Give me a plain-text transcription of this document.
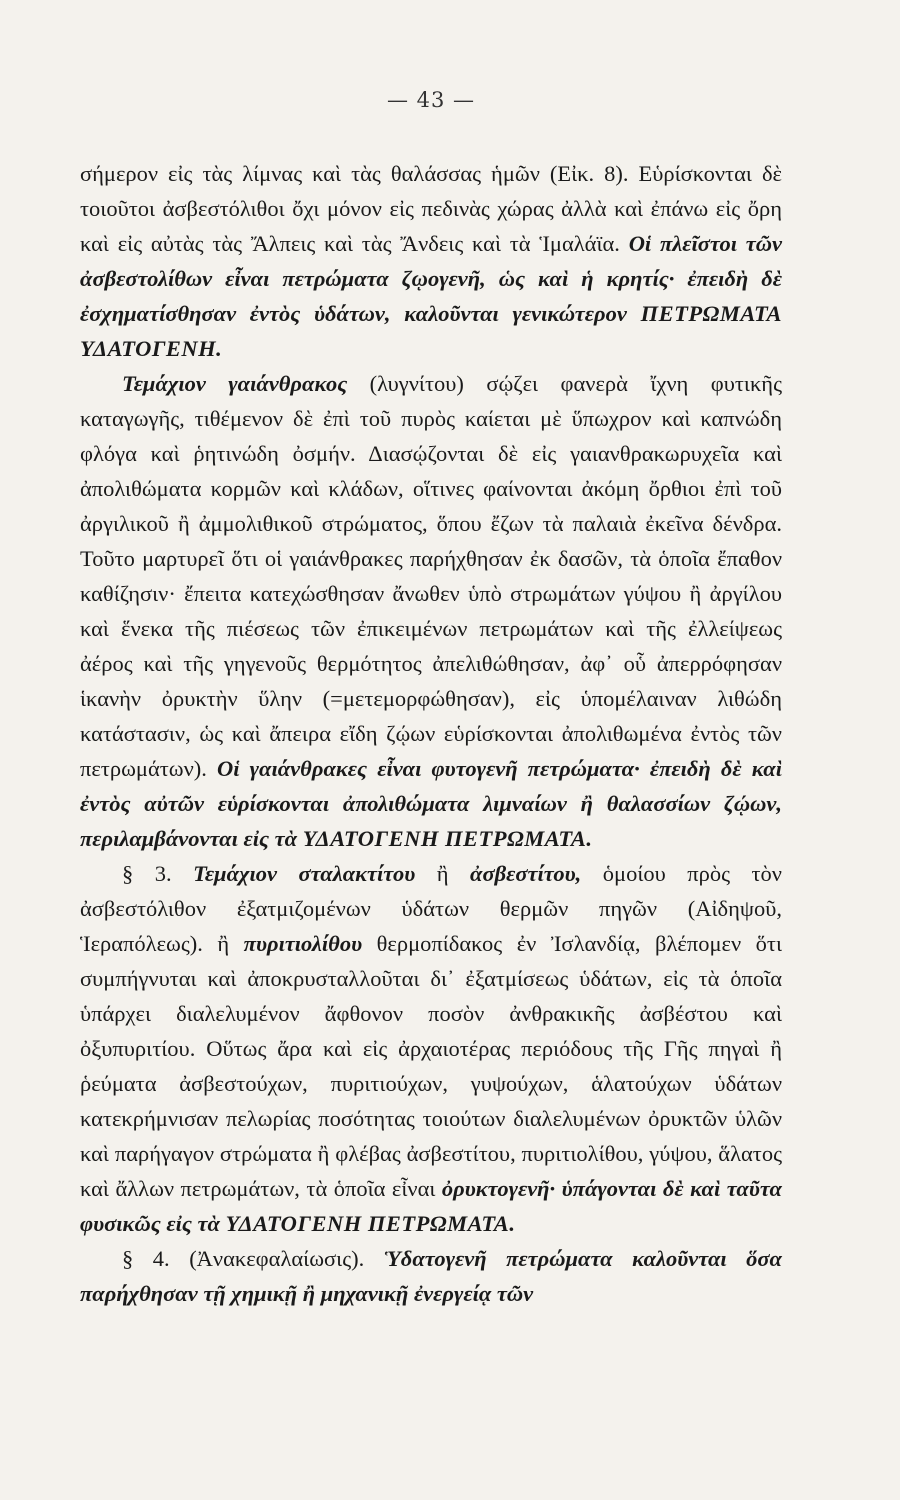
— 43 —

σήμερον εἰς τὰς λίμνας καὶ τὰς θαλάσσας ἡμῶν (Εἰκ. 8). Εὑρίσκονται δὲ τοιοῦτοι ἀσβεστόλιθοι ὄχι μόνον εἰς πεδινὰς χώρας ἀλλὰ καὶ ἐπάνω εἰς ὄρη καὶ εἰς αὐτὰς τὰς Ἄλπεις καὶ τὰς Ἄνδεις καὶ τὰ Ἱμαλάϊα. Οἱ πλεῖστοι τῶν ἀσβεστολίθων εἶναι πετρώματα ζῳογενῆ, ὡς καὶ ἡ κρητίς· ἐπειδὴ δὲ ἐσχηματίσθησαν ἐντὸς ὑδάτων, καλοῦνται γενικώτερον ΠΕΤΡΩΜΑΤΑ ΥΔΑΤΟΓΕΝΗ.

Τεμάχιον γαιάνθρακος (λυγνίτου) σῴζει φανερὰ ἴχνη φυτικῆς καταγωγῆς, τιθέμενον δὲ ἐπὶ τοῦ πυρὸς καίεται μὲ ὕπωχρον καὶ καπνώδη φλόγα καὶ ῥητινώδη ὀσμήν. Διασῴζονται δὲ εἰς γαιανθρακωρυχεῖα καὶ ἀπολιθώματα κορμῶν καὶ κλάδων, οἵτινες φαίνονται ἀκόμη ὄρθιοι ἐπὶ τοῦ ἀργιλικοῦ ἢ ἀμμολιθικοῦ στρώματος, ὅπου ἔζων τὰ παλαιὰ ἐκεῖνα δένδρα. Τοῦτο μαρτυρεῖ ὅτι οἱ γαιάνθρακες παρήχθησαν ἐκ δασῶν, τὰ ὁποῖα ἔπαθον καθίζησιν· ἔπειτα κατεχώσθησαν ἄνωθεν ὑπὸ στρωμάτων γύψου ἢ ἀργίλου καὶ ἕνεκα τῆς πιέσεως τῶν ἐπικειμένων πετρωμάτων καὶ τῆς ἐλλείψεως ἀέρος καὶ τῆς γηγενοῦς θερμότητος ἀπελιθώθησαν, ἀφ᾿ οὗ ἀπερρόφησαν ἱκανὴν ὀρυκτὴν ὕλην (=μετεμορφώθησαν), εἰς ὑπομέλαιναν λιθώδη κατάστασιν, ὡς καὶ ἄπειρα εἴδη ζῴων εὑρίσκονται ἀπολιθωμένα ἐντὸς τῶν πετρωμάτων). Οἱ γαιάνθρακες εἶναι φυτογενῆ πετρώματα· ἐπειδὴ δὲ καὶ ἐντὸς αὐτῶν εὑρίσκονται ἀπολιθώματα λιμναίων ἢ θαλασσίων ζῴων, περιλαμβάνονται εἰς τὰ ΥΔΑΤΟΓΕΝΗ ΠΕΤΡΩΜΑΤΑ.

§ 3. Τεμάχιον σταλακτίτου ἢ ἀσβεστίτου, ὁμοίου πρὸς τὸν ἀσβεστόλιθον ἐξατμιζομένων ὑδάτων θερμῶν πηγῶν (Αἰδηψοῦ, Ἱεραπόλεως). ἢ πυριτιολίθου θερμοπίδακος ἐν Ἰσλανδίᾳ, βλέπομεν ὅτι συμπήγνυται καὶ ἀποκρυσταλλοῦται δι᾿ ἐξατμίσεως ὑδάτων, εἰς τὰ ὁποῖα ὑπάρχει διαλελυμένον ἄφθονον ποσὸν ἀνθρακικῆς ἀσβέστου καὶ ὀξυπυριτίου. Οὕτως ἄρα καὶ εἰς ἀρχαιοτέρας περιόδους τῆς Γῆς πηγαὶ ἢ ῥεύματα ἀσβεστούχων, πυριτιούχων, γυψούχων, ἁλατούχων ὑδάτων κατεκρήμνισαν πελωρίας ποσότητας τοιούτων διαλελυμένων ὀρυκτῶν ὑλῶν καὶ παρήγαγον στρώματα ἢ φλέβας ἀσβεστίτου, πυριτιολίθου, γύψου, ἅλατος καὶ ἄλλων πετρωμάτων, τὰ ὁποῖα εἶναι ὀρυκτογενῆ· ὑπάγονται δὲ καὶ ταῦτα φυσικῶς εἰς τὰ ΥΔΑΤΟΓΕΝΗ ΠΕΤΡΩΜΑΤΑ.

§ 4. (Ἀνακεφαλαίωσις). Ὑδατογενῆ πετρώματα καλοῦνται ὅσα παρήχθησαν τῇ χημικῇ ἢ μηχανικῇ ἐνεργείᾳ τῶν
